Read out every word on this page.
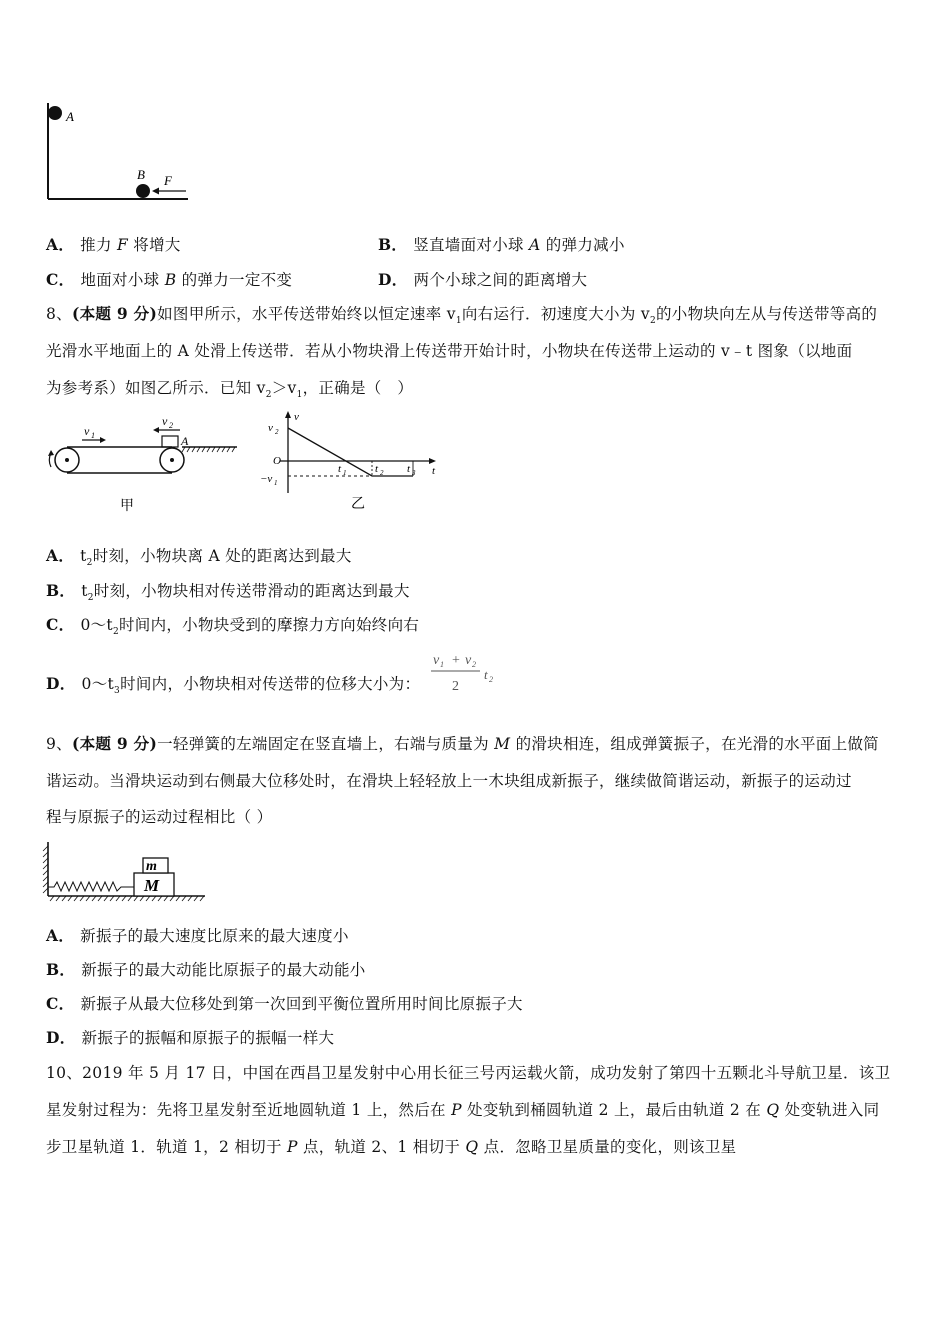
A
B F
A． 推力 F 将增大	B． 竖直墙面对小球 A 的弹力减小
C． 地面对小球 B 的弹力一定不变	D． 两个小球之间的距离增大
8、(本题 9 分)如图甲所示，水平传送带始终以恒定速率 $v_1$向右运行．初速度大小为 $v_2$的小物块向左从与传送带等高的
光滑水平地面上的 A 处滑上传送带．若从小物块滑上传送带开始计时，小物块在传送带上运动的 v﹣t 图象（以地面
为参考系）如图乙所示．已知 $v_2>v_1$，正确是（　）
v 1
v 2
A
甲
v
v 2
O
−v 1
t 1	t 2 t 3 t
乙
A． $t_2$时刻，小物块离 A 处的距离达到最大
B． $t_2$时刻，小物块相对传送带滑动的距离达到最大
C． $0\sim t_2$时间内，小物块受到的摩擦力方向始终向右
D． $0\sim t_3$时间内，小物块相对传送带的位移大小为：
v 1 + v 2
2
t 2
9、(本题 9 分)一轻弹簧的左端固定在竖直墙上，右端与质量为 M 的滑块相连，组成弹簧振子，在光滑的水平面上做简
谐运动。当滑块运动到右侧最大位移处时，在滑块上轻轻放上一木块组成新振子，继续做简谐运动，新振子的运动过
程与原振子的运动过程相比（ ）
M
m
A． 新振子的最大速度比原来的最大速度小
B． 新振子的最大动能比原振子的最大动能小
C． 新振子从最大位移处到第一次回到平衡位置所用时间比原振子大
D． 新振子的振幅和原振子的振幅一样大
10、2019 年 5 月 17 日，中国在西昌卫星发射中心用长征三号丙运载火箭，成功发射了第四十五颗北斗导航卫星．该卫
星发射过程为：先将卫星发射至近地圆轨道 1 上，然后在 P 处变轨到桶圆轨道 2 上，最后由轨道 2 在 Q 处变轨进入同
步卫星轨道 1．轨道 1，2 相切于 P 点，轨道 2、1 相切于 Q 点．忽略卫星质量的变化，则该卫星
